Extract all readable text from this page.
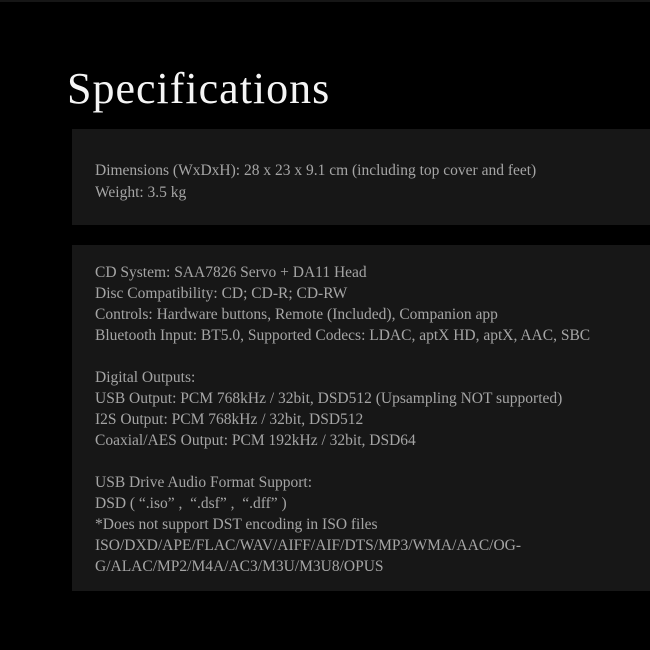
Specifications
Dimensions (WxDxH): 28 x 23 x 9.1 cm (including top cover and feet)
Weight: 3.5 kg
CD System: SAA7826 Servo + DA11 Head
Disc Compatibility: CD; CD-R; CD-RW
Controls: Hardware buttons, Remote (Included), Companion app
Bluetooth Input: BT5.0, Supported Codecs: LDAC, aptX HD, aptX, AAC, SBC
Digital Outputs:
USB Output: PCM 768kHz / 32bit, DSD512 (Upsampling NOT supported)
I2S Output: PCM 768kHz / 32bit, DSD512
Coaxial/AES Output: PCM 192kHz / 32bit, DSD64
USB Drive Audio Format Support:
DSD ( “.iso” ,  “.dsf” ,  “.dff” )
*Does not support DST encoding in ISO files
ISO/DXD/APE/FLAC/WAV/AIFF/AIF/DTS/MP3/WMA/AAC/OG-
G/ALAC/MP2/M4A/AC3/M3U/M3U8/OPUS
